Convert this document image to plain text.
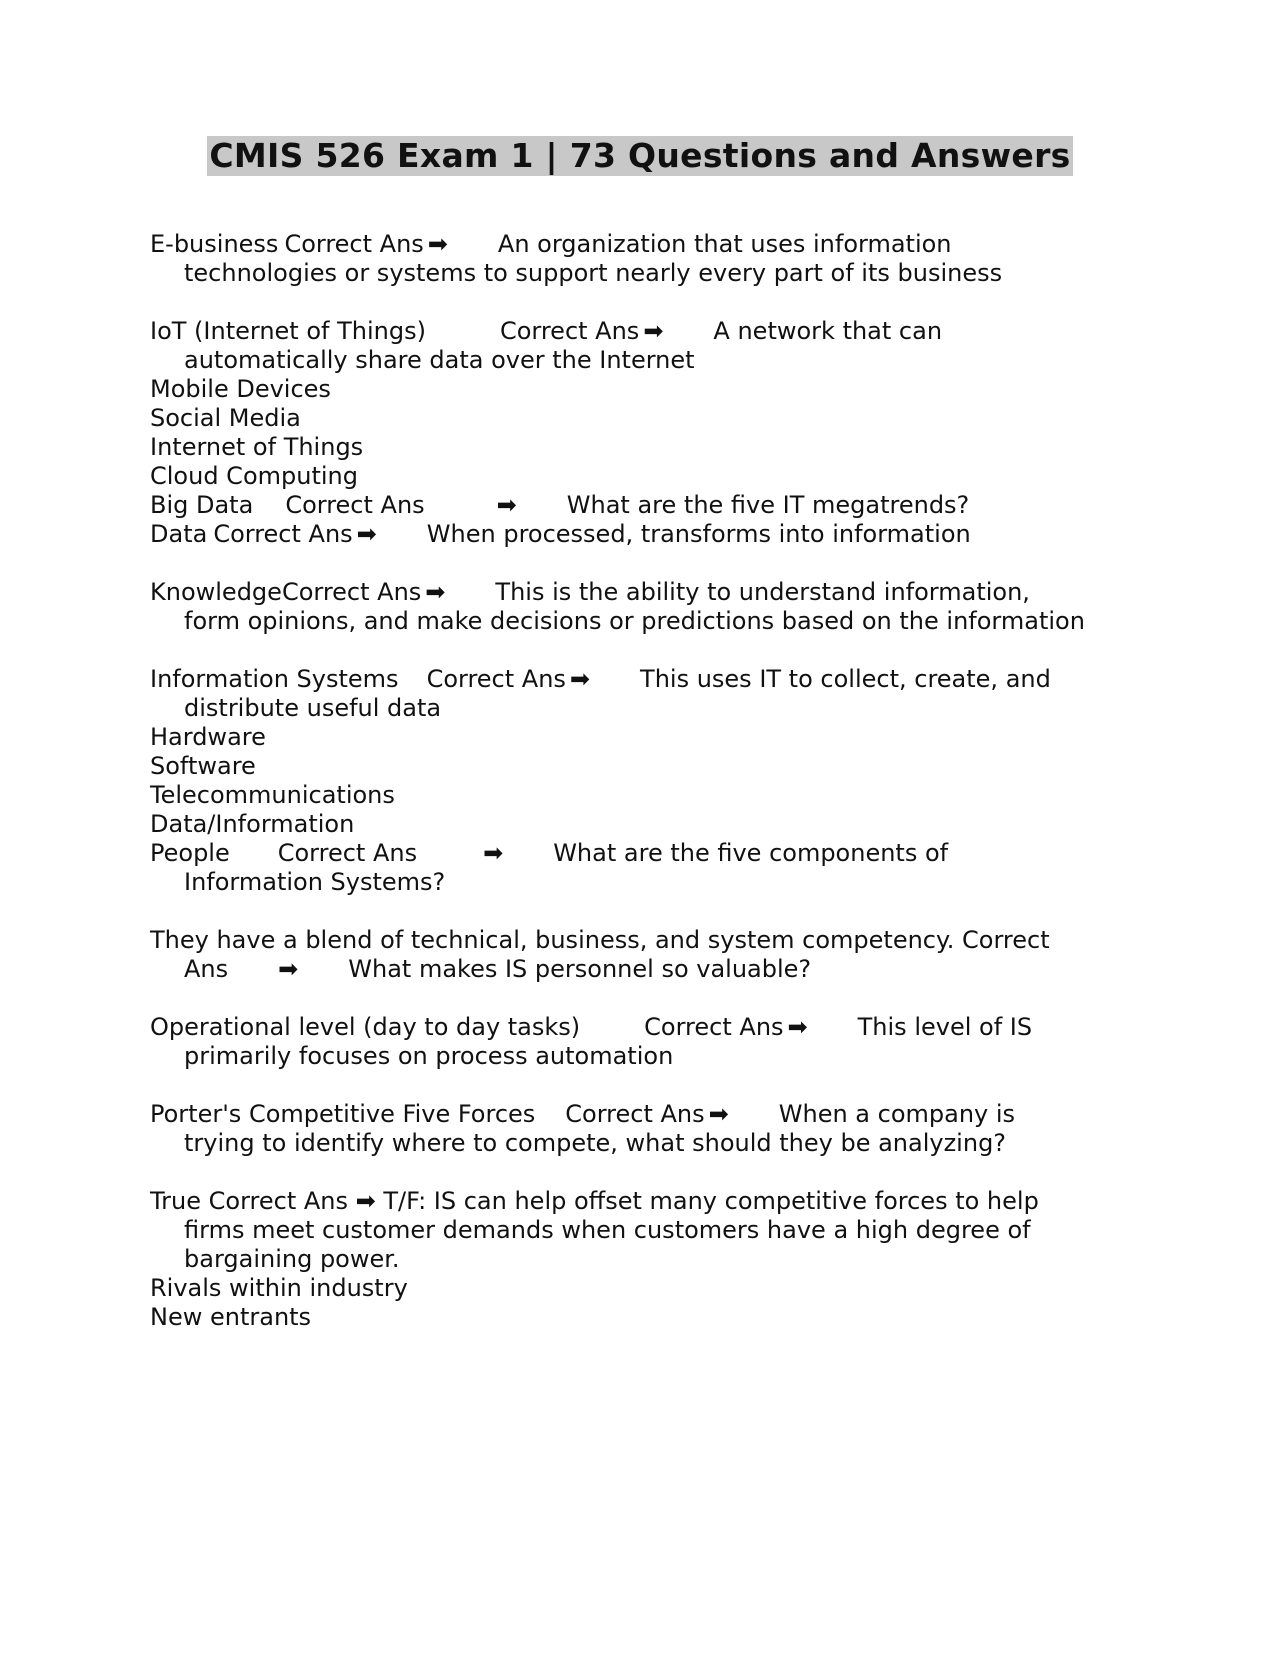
CMIS 526 Exam 1 | 73 Questions and Answers
E-business Correct Ans ➡ An organization that uses information
technologies or systems to support nearly every part of its business
IoT (Internet of Things)	Correct Ans ➡ A network that can
automatically share data over the Internet
Mobile Devices
Social Media
Internet of Things
Cloud Computing
Big Data Correct Ans	➡ What are the five IT megatrends?
Data Correct Ans ➡ When processed, transforms into information
KnowledgeCorrect Ans ➡ This is the ability to understand information,
form opinions, and make decisions or predictions based on the information
Information Systems Correct Ans ➡ This uses IT to collect, create, and
distribute useful data
Hardware
Software
Telecommunications
Data/Information
People Correct Ans	➡ What are the five components of
Information Systems?
They have a blend of technical, business, and system competency. Correct
Ans ➡ What makes IS personnel so valuable?
Operational level (day to day tasks)	Correct Ans ➡ This level of IS
primarily focuses on process automation
Porter's Competitive Five Forces Correct Ans ➡ When a company is
trying to identify where to compete, what should they be analyzing?
True Correct Ans ➡ T/F: IS can help offset many competitive forces to help
firms meet customer demands when customers have a high degree of
bargaining power.
Rivals within industry
New entrants
